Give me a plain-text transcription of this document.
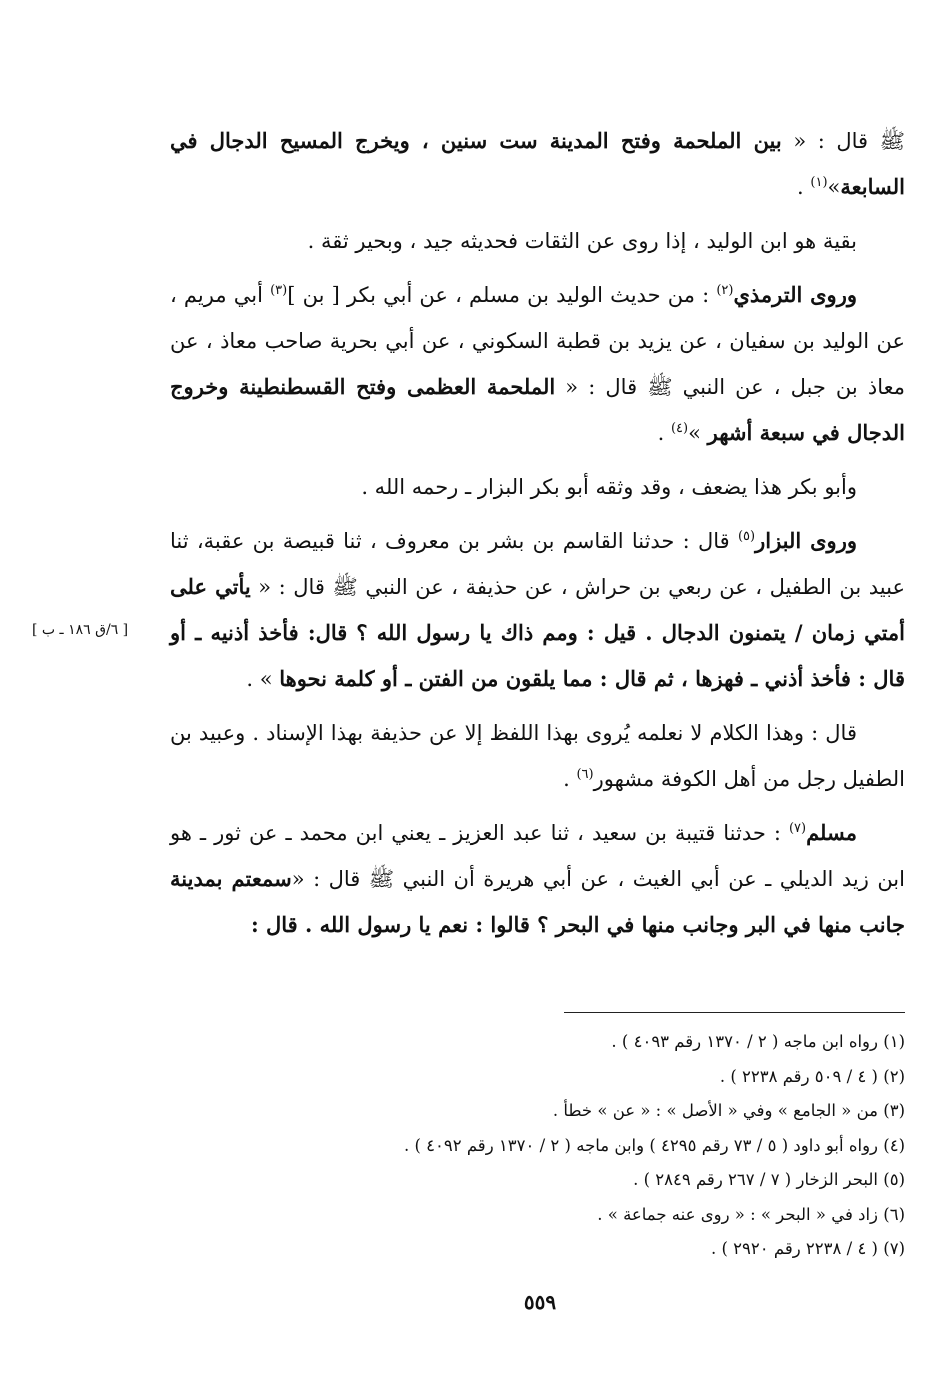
ﷺ قال : « بين الملحمة وفتح المدينة ست سنين ، ويخرج المسيح الدجال في السابعة»$^{(١)}$ .

بقية هو ابن الوليد ، إذا روى عن الثقات فحديثه جيد ، وبحير ثقة .

وروى الترمذي$^{(٢)}$ : من حديث الوليد بن مسلم ، عن أبي بكر [ بن ]$^{(٣)}$ أبي مريم ، عن الوليد بن سفيان ، عن يزيد بن قطبة السكوني ، عن أبي بحرية صاحب معاذ ، عن معاذ بن جبل ، عن النبي ﷺ قال : « الملحمة العظمى وفتح القسطنطينة وخروج الدجال في سبعة أشهر »$^{(٤)}$ .

وأبو بكر هذا يضعف ، وقد وثقه أبو بكر البزار ـ رحمه الله .

وروى البزار$^{(٥)}$ قال : حدثنا القاسم بن بشر بن معروف ، ثنا قبيصة بن عقبة، ثنا عبيد بن الطفيل ، عن ربعي بن حراش ، عن حذيفة ، عن النبي ﷺ قال : « يأتي على أمتي زمان / يتمنون الدجال . قيل : ومم ذاك يا رسول الله ؟ قال: فأخذ أذنيه ـ أو قال : فأخذ أذني ـ فهزها ، ثم قال : مما يلقون من الفتن ـ أو كلمة نحوها » .

قال : وهذا الكلام لا نعلمه يُروى بهذا اللفظ إلا عن حذيفة بهذا الإسناد . وعبيد بن الطفيل رجل من أهل الكوفة مشهور$^{(٦)}$ .

مسلم$^{(٧)}$ : حدثنا قتيبة بن سعيد ، ثنا عبد العزيز ـ يعني ابن محمد ـ عن ثور ـ هو ابن زيد الديلي ـ عن أبي الغيث ، عن أبي هريرة أن النبي ﷺ قال : «سمعتم بمدينة جانب منها في البر وجانب منها في البحر ؟ قالوا : نعم يا رسول الله . قال :

[ ٦/ق ١٨٦ ـ ب ]
(١) رواه ابن ماجه ( ٢ / ١٣٧٠ رقم ٤٠٩٣ ) .
(٢) ( ٤ / ٥٠٩ رقم ٢٢٣٨ ) .
(٣) من « الجامع » وفي « الأصل » : « عن » خطأ .
(٤) رواه أبو داود ( ٥ / ٧٣ رقم ٤٢٩٥ ) وابن ماجه ( ٢ / ١٣٧٠ رقم ٤٠٩٢ ) .
(٥) البحر الزخار ( ٧ / ٢٦٧ رقم ٢٨٤٩ ) .
(٦) زاد في « البحر » : « روى عنه جماعة » .
(٧) ( ٤ / ٢٢٣٨ رقم ٢٩٢٠ ) .
٥٥٩
